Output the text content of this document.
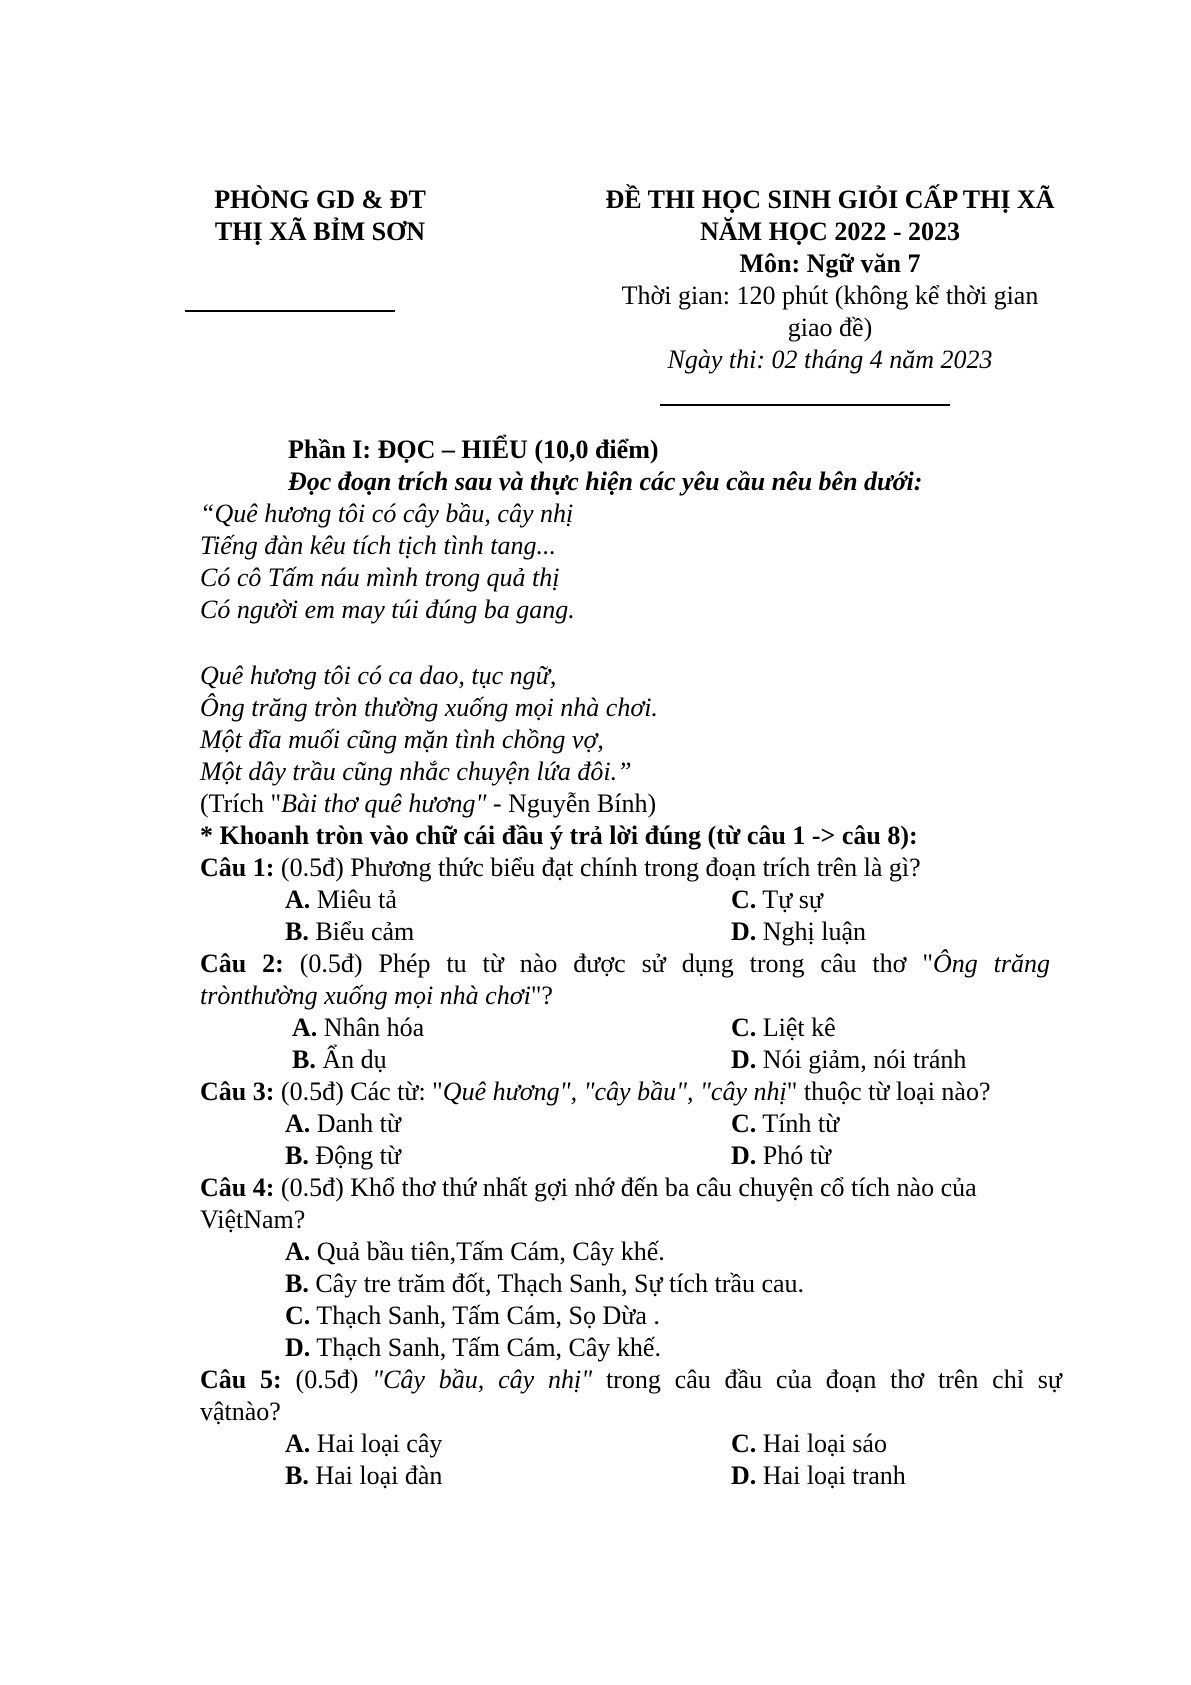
PHÒNG GD & ĐT
THỊ XÃ BỈM SƠN
ĐỀ THI HỌC SINH GIỎI CẤP THỊ XÃ
NĂM HỌC 2022 - 2023
Môn: Ngữ văn 7
Thời gian: 120 phút (không kể thời gian
giao đề)
Ngày thi: 02 tháng 4 năm 2023
Phần I: ĐỌC – HIỂU (10,0 điểm)
Đọc đoạn trích sau và thực hiện các yêu cầu nêu bên dưới:
“Quê hương tôi có cây bầu, cây nhị
Tiếng đàn kêu tích tịch tình tang...
Có cô Tấm náu mình trong quả thị
Có người em may túi đúng ba gang.
Quê hương tôi có ca dao, tục ngữ,
Ông trăng tròn thường xuống mọi nhà chơi.
Một đĩa muối cũng mặn tình chồng vợ,
Một dây trầu cũng nhắc chuyện lứa đôi.”
(Trích "Bài thơ quê hương" - Nguyễn Bính)
* Khoanh tròn vào chữ cái đầu ý trả lời đúng (từ câu 1 -> câu 8):
Câu 1: (0.5đ) Phương thức biểu đạt chính trong đoạn trích trên là gì?
A. Miêu tả	C. Tự sự
B. Biểu cảm	D. Nghị luận
Câu 2: (0.5đ) Phép tu từ nào được sử dụng trong câu thơ "Ông trăng
trònthường xuống mọi nhà chơi"?
A. Nhân hóa	C. Liệt kê
B. Ẩn dụ	D. Nói giảm, nói tránh
Câu 3: (0.5đ) Các từ: "Quê hương", "cây bầu", "cây nhị" thuộc từ loại nào?
A. Danh từ	C. Tính từ
B. Động từ	D. Phó từ
Câu 4: (0.5đ) Khổ thơ thứ nhất gợi nhớ đến ba câu chuyện cổ tích nào của
ViệtNam?
A. Quả bầu tiên,Tấm Cám, Cây khế.
B. Cây tre trăm đốt, Thạch Sanh, Sự tích trầu cau.
C. Thạch Sanh, Tấm Cám, Sọ Dừa .
D. Thạch Sanh, Tấm Cám, Cây khế.
Câu 5: (0.5đ) "Cây bầu, cây nhị" trong câu đầu của đoạn thơ trên chỉ sự
vậtnào?
A. Hai loại cây	C. Hai loại sáo
B. Hai loại đàn	D. Hai loại tranh
